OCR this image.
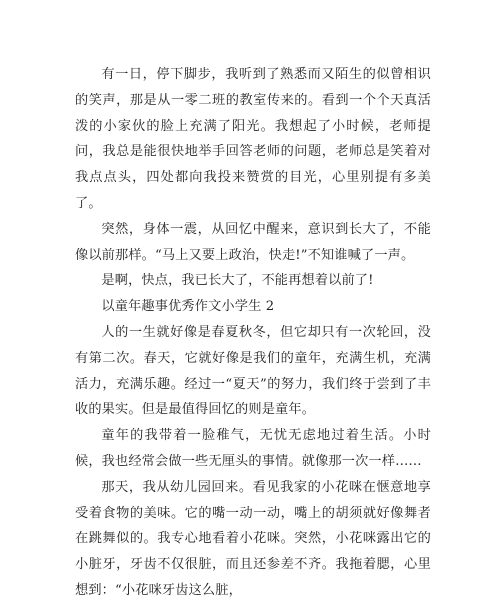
有一日，停下脚步，我听到了熟悉而又陌生的似曾相识的笑声，那是从一零二班的教室传来的。看到一个个天真活泼的小家伙的脸上充满了阳光。我想起了小时候，老师提问，我总是能很快地举手回答老师的问题，老师总是笑着对我点点头，四处都向我投来赞赏的目光，心里别提有多美了。

突然，身体一震，从回忆中醒来，意识到长大了，不能像以前那样。“马上又要上政治，快走!”不知谁喊了一声。

是啊，快点，我已长大了，不能再想着以前了!

以童年趣事优秀作文小学生 2

人的一生就好像是春夏秋冬，但它却只有一次轮回，没有第二次。春天，它就好像是我们的童年，充满生机，充满活力，充满乐趣。经过一“夏天”的努力，我们终于尝到了丰收的果实。但是最值得回忆的则是童年。

童年的我带着一脸稚气，无忧无虑地过着生活。小时候，我也经常会做一些无厘头的事情。就像那一次一样……

那天，我从幼儿园回来。看见我家的小花咪在惬意地享受着食物的美味。它的嘴一动一动，嘴上的胡须就好像舞者在跳舞似的。我专心地看着小花咪。突然，小花咪露出它的小脏牙，牙齿不仅很脏，而且还参差不齐。我拖着腮，心里想到：“小花咪牙齿这么脏，
